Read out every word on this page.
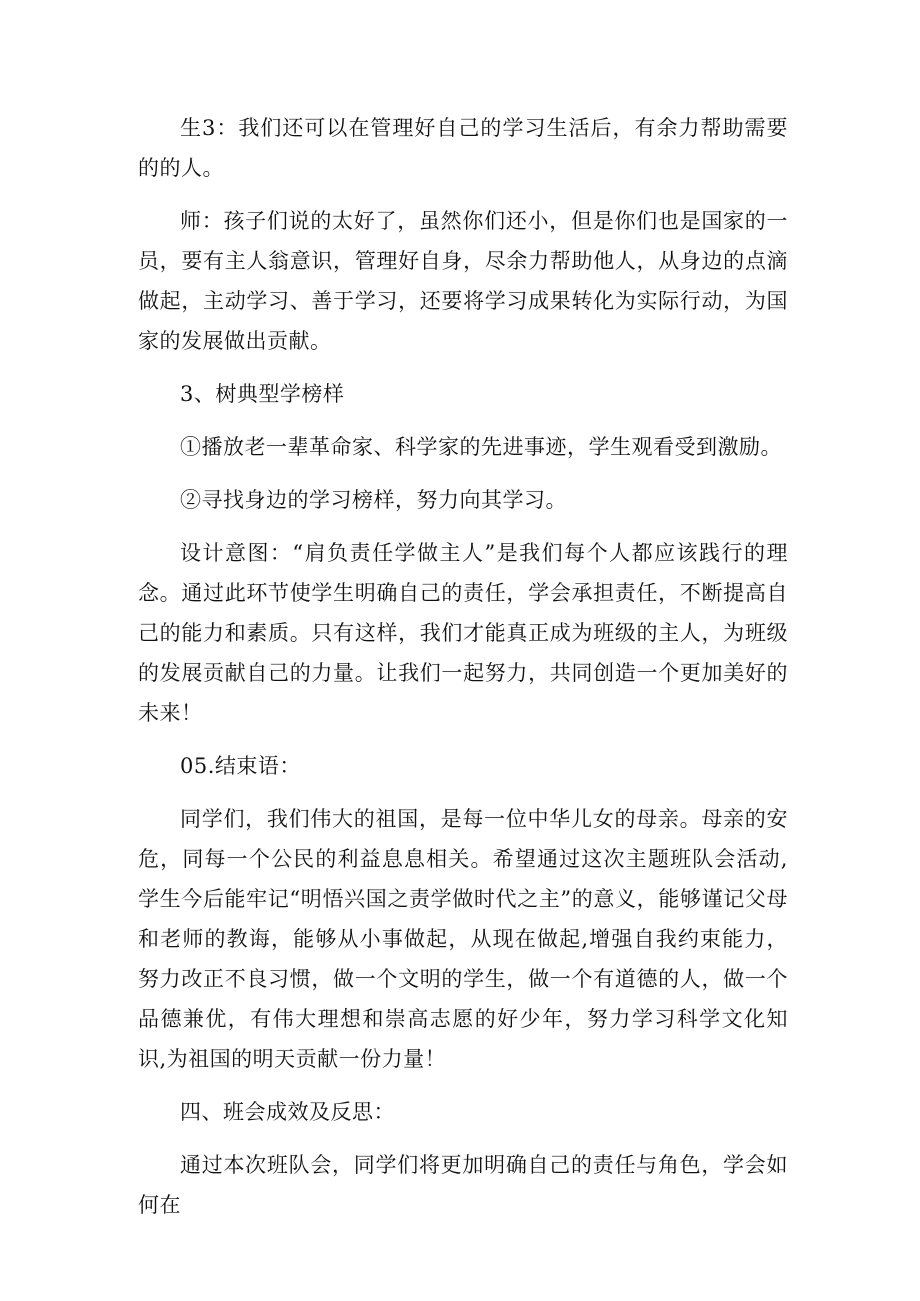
生3：我们还可以在管理好自己的学习生活后，有余力帮助需要的的人。

师：孩子们说的太好了，虽然你们还小，但是你们也是国家的一员，要有主人翁意识，管理好自身，尽余力帮助他人，从身边的点滴做起，主动学习、善于学习，还要将学习成果转化为实际行动，为国家的发展做出贡献。

3、树典型学榜样

①播放老一辈革命家、科学家的先进事迹，学生观看受到激励。

②寻找身边的学习榜样，努力向其学习。

设计意图：“肩负责任学做主人”是我们每个人都应该践行的理念。通过此环节使学生明确自己的责任，学会承担责任，不断提高自己的能力和素质。只有这样，我们才能真正成为班级的主人，为班级的发展贡献自己的力量。让我们一起努力，共同创造一个更加美好的未来！

05.结束语：

同学们，我们伟大的祖国，是每一位中华儿女的母亲。母亲的安危，同每一个公民的利益息息相关。希望通过这次主题班队会活动,学生今后能牢记“明悟兴国之责学做时代之主”的意义，能够谨记父母和老师的教诲，能够从小事做起，从现在做起,增强自我约束能力，努力改正不良习惯，做一个文明的学生，做一个有道德的人，做一个品德兼优，有伟大理想和崇高志愿的好少年，努力学习科学文化知识,为祖国的明天贡献一份力量！

四、班会成效及反思：

通过本次班队会，同学们将更加明确自己的责任与角色，学会如何在
